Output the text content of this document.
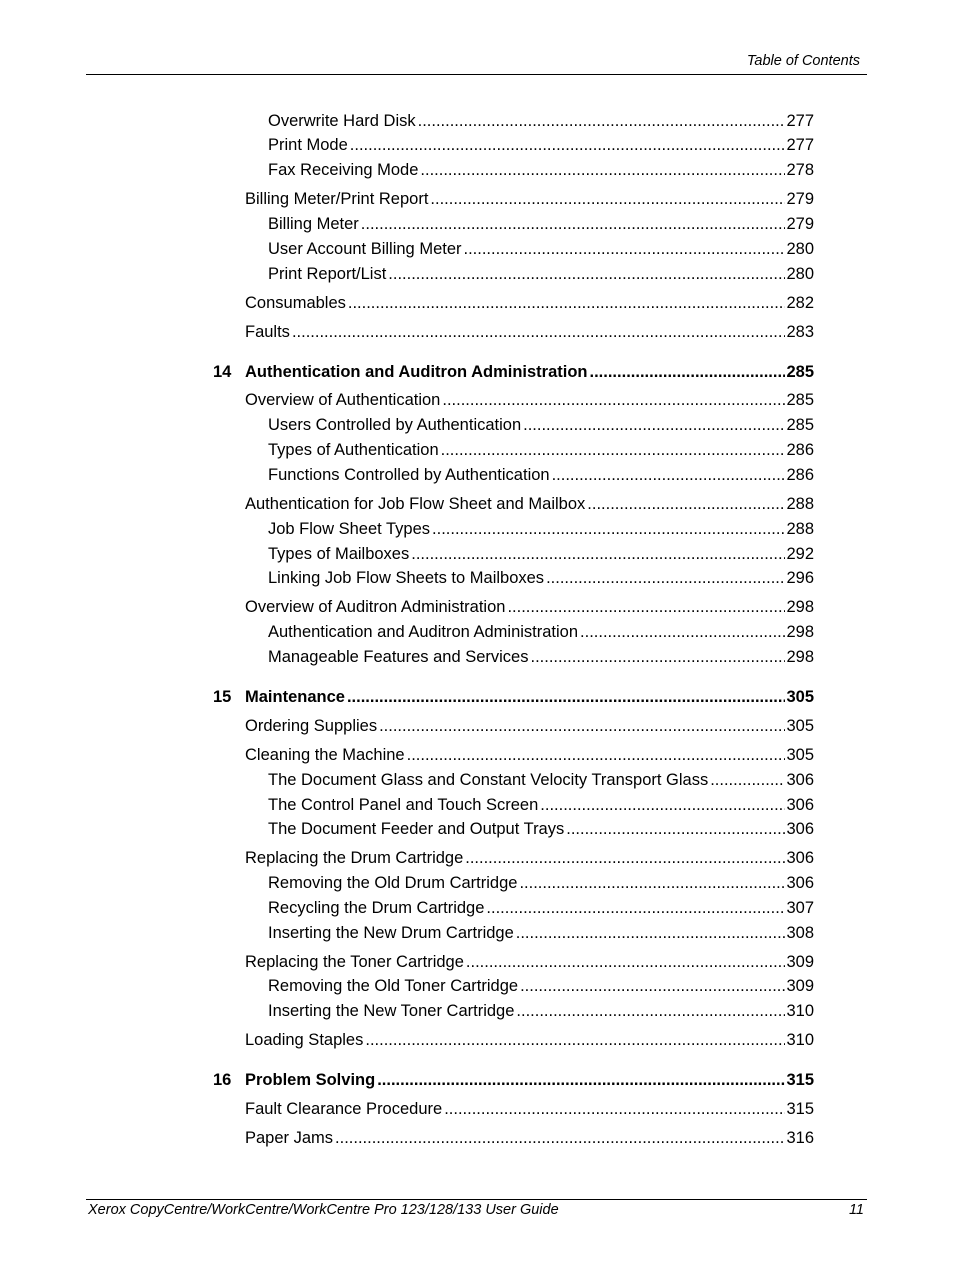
Table of Contents
Overwrite Hard Disk .....	277
Print Mode .....	277
Fax Receiving Mode .....	278
Billing Meter/Print Report .....	279
Billing Meter .....	279
User Account Billing Meter .....	280
Print Report/List .....	280
Consumables .....	282
Faults .....	283
14 Authentication and Auditron Administration .....	285
Overview of Authentication .....	285
Users Controlled by Authentication .....	285
Types of Authentication .....	286
Functions Controlled by Authentication .....	286
Authentication for Job Flow Sheet and Mailbox .....	288
Job Flow Sheet Types .....	288
Types of Mailboxes .....	292
Linking Job Flow Sheets to Mailboxes .....	296
Overview of Auditron Administration .....	298
Authentication and Auditron Administration .....	298
Manageable Features and Services .....	298
15 Maintenance .....	305
Ordering Supplies .....	305
Cleaning the Machine .....	305
The Document Glass and Constant Velocity Transport Glass .....	306
The Control Panel and Touch Screen .....	306
The Document Feeder and Output Trays .....	306
Replacing the Drum Cartridge .....	306
Removing the Old Drum Cartridge .....	306
Recycling the Drum Cartridge .....	307
Inserting the New Drum Cartridge .....	308
Replacing the Toner Cartridge .....	309
Removing the Old Toner Cartridge .....	309
Inserting the New Toner Cartridge .....	310
Loading Staples .....	310
16 Problem Solving .....	315
Fault Clearance Procedure .....	315
Paper Jams .....	316
Xerox CopyCentre/WorkCentre/WorkCentre Pro 123/128/133 User Guide	11
